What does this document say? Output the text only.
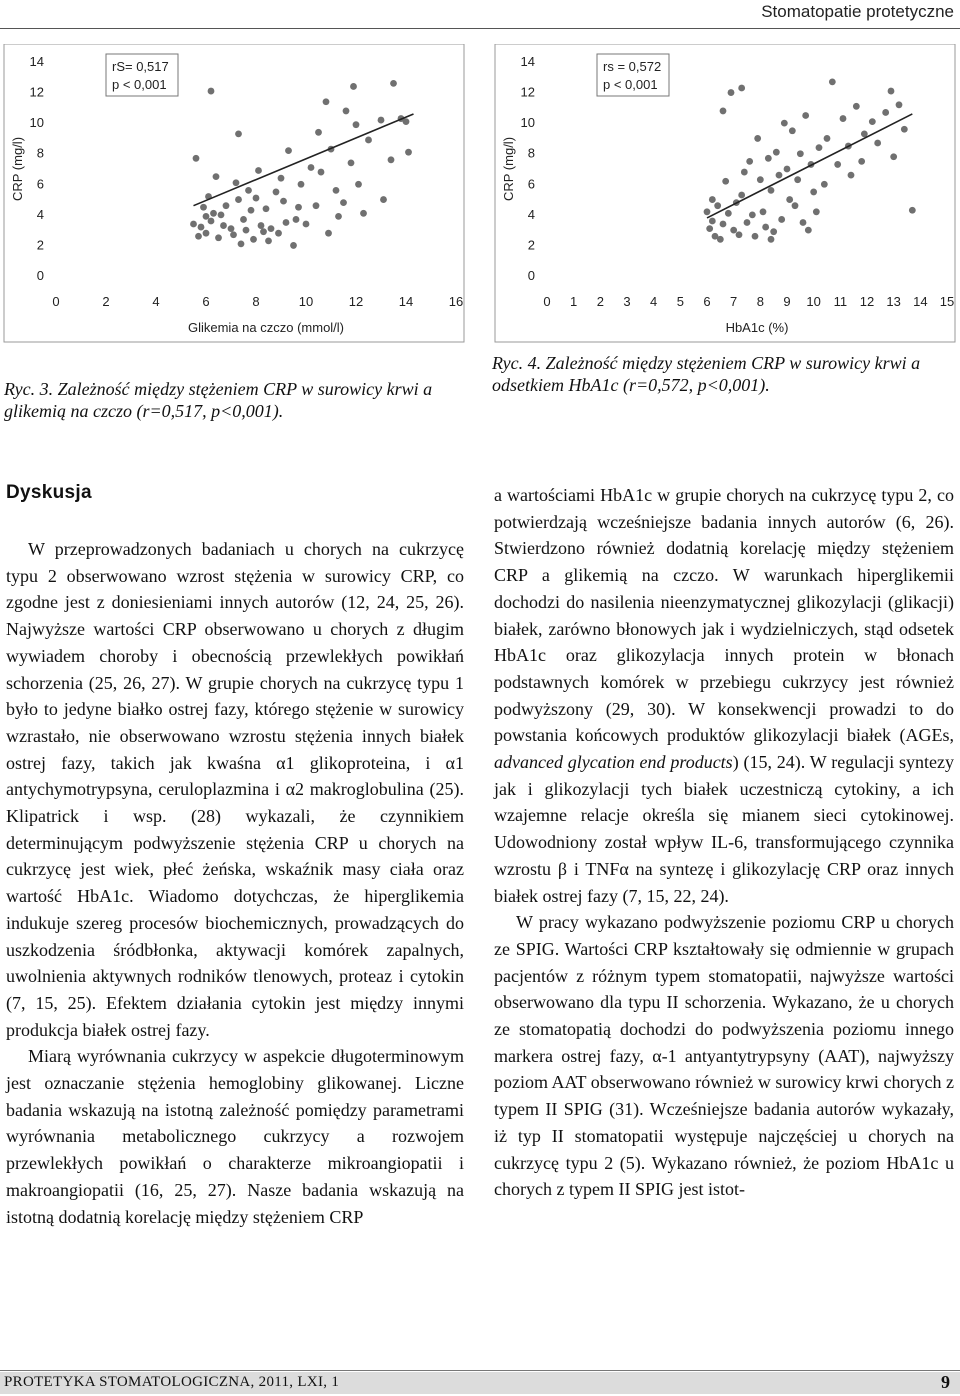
Stomatopatie protetyczne
0
2
4
6
8
10
12
14
0	2	4	6	8	10	12	14	16
Glikemia na czczo (mmol/l)
CRP (mg/l)
rS= 0,517
p < 0,001
Ryc. 3. Zależność między stężeniem CRP w surowicy krwi a glikemią na czczo (r=0,517, p<0,001).
0
2
4
6
8
10
12
14
0 1 2 3 4 5 6 7 8 9 10 11 12 13 14 15
HbA1c (%)
CRP (mg/l)
rs = 0,572
p < 0,001
Ryc. 4. Zależność między stężeniem CRP w surowicy krwi a odsetkiem HbA1c (r=0,572, p<0,001).
Dyskusja

W przeprowadzonych badaniach u chorych na cukrzycę typu 2 obserwowano wzrost stężenia w surowicy CRP, co zgodne jest z doniesieniami innych autorów (12, 24, 25, 26). Najwyższe wartości CRP obserwowano u chorych z długim wywiadem choroby i obecnością przewlekłych powikłań schorzenia (25, 26, 27). W grupie chorych na cukrzycę typu 1 było to jedyne białko ostrej fazy, którego stężenie w surowicy wzrastało, nie obserwowano wzrostu stężenia innych białek ostrej fazy, takich jak kwaśna α1 glikoproteina, i α1 antychymotrypsyna, ceruloplazmina i α2 makroglobulina (25). Klipatrick i wsp. (28) wykazali, że czynnikiem determinującym podwyższenie stężenia CRP u chorych na cukrzycę jest wiek, płeć żeńska, wskaźnik masy ciała oraz wartość HbA1c. Wiadomo dotychczas, że hiperglikemia indukuje szereg procesów biochemicznych, prowadzących do uszkodzenia śródbłonka, aktywacji komórek zapalnych, uwolnienia aktywnych rodników tlenowych, proteaz i cytokin (7, 15, 25). Efektem działania cytokin jest między innymi produkcja białek ostrej fazy.

Miarą wyrównania cukrzycy w aspekcie długoterminowym jest oznaczanie stężenia hemoglobiny glikowanej. Liczne badania wskazują na istotną zależność pomiędzy parametrami wyrównania metabolicznego cukrzycy a rozwojem przewlekłych powikłań o charakterze mikroangiopatii i makroangiopatii (16, 25, 27). Nasze badania wskazują na istotną dodatnią korelację między stężeniem CRP

a wartościami HbA1c w grupie chorych na cukrzycę typu 2, co potwierdzają wcześniejsze badania innych autorów (6, 26). Stwierdzono również dodatnią korelację między stężeniem CRP a glikemią na czczo. W warunkach hiperglikemii dochodzi do nasilenia nieenzymatycznej glikozylacji (glikacji) białek, zarówno błonowych jak i wydzielniczych, stąd odsetek HbA1c oraz glikozylacja innych protein w błonach podstawnych komórek w przebiegu cukrzycy jest również podwyższony (29, 30). W konsekwencji prowadzi to do powstania końcowych produktów glikozylacji białek (AGEs, advanced glycation end products) (15, 24). W regulacji syntezy jak i glikozylacji tych białek uczestniczą cytokiny, a ich wzajemne relacje określa się mianem sieci cytokinowej. Udowodniony został wpływ IL-6, transformującego czynnika wzrostu β i TNFα na syntezę i glikozylację CRP oraz innych białek ostrej fazy (7, 15, 22, 24).

W pracy wykazano podwyższenie poziomu CRP u chorych ze SPIG. Wartości CRP kształtowały się odmiennie w grupach pacjentów z różnym typem stomatopatii, najwyższe wartości obserwowano dla typu II schorzenia. Wykazano, że u chorych ze stomatopatią dochodzi do podwyższenia poziomu innego markera ostrej fazy, α-1 antyantytrypsyny (AAT), najwyższy poziom AAT obserwowano również w surowicy krwi chorych z typem II SPIG (31). Wcześniejsze badania autorów wykazały, iż typ II stomatopatii występuje najczęściej u chorych na cukrzycę typu 2 (5). Wykazano również, że poziom HbA1c u chorych z typem II SPIG jest istot-

PROTETYKA STOMATOLOGICZNA, 2011, LXI, 1	9
